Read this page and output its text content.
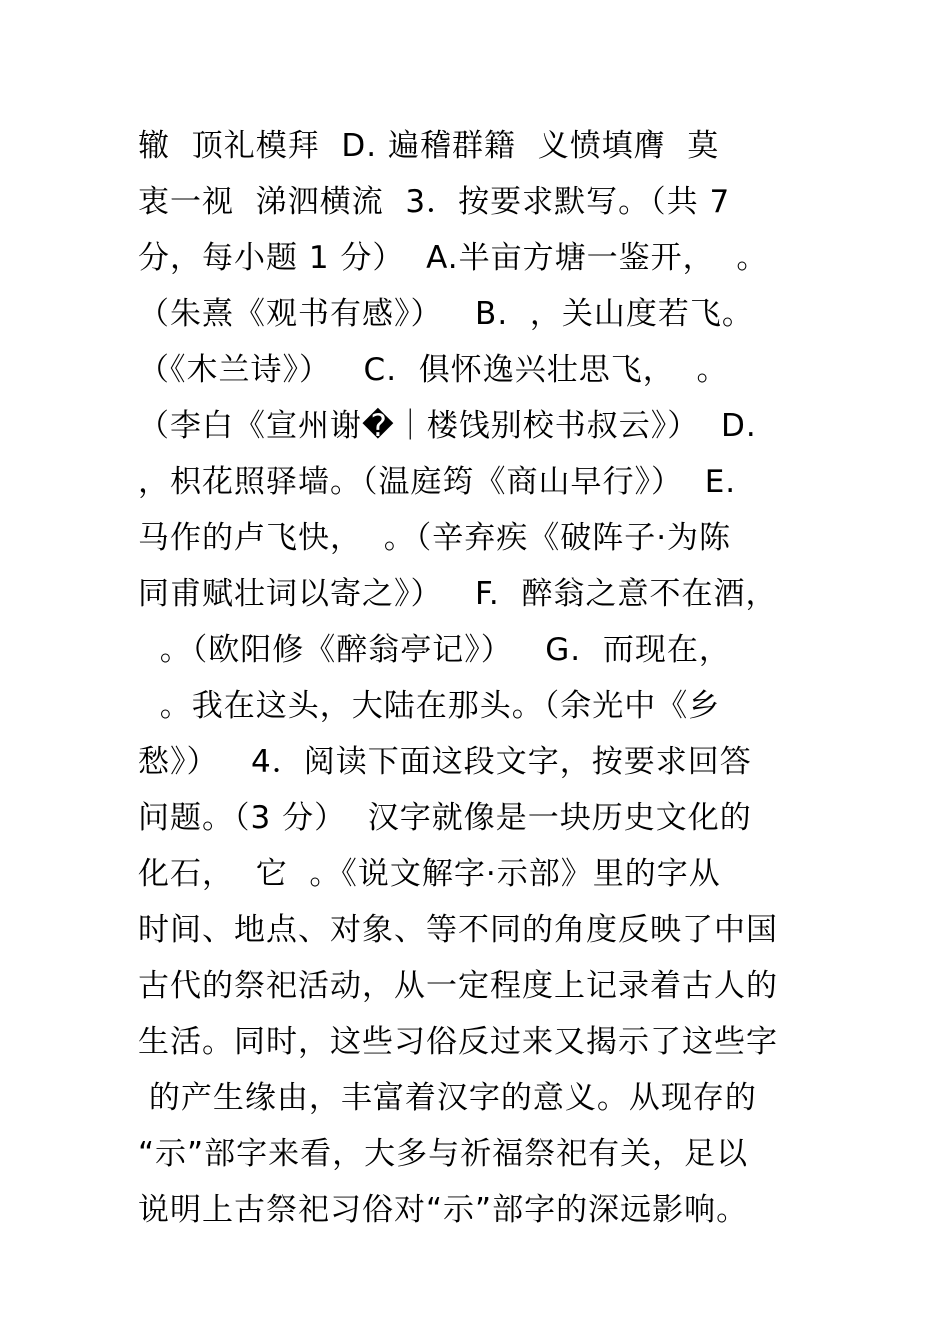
辙  顶礼模拜  D. 遍稽群籍  义愤填膺  莫
衷一视  涕泗横流  3．按要求默写。（共 7
分，每小题 1 分）  A.半亩方塘一鉴开，  。
（朱熹《观书有感》）   B.  ，关山度若飞。
（《木兰诗》）   C.  俱怀逸兴壮思飞，  。
（李白《宣州谢�｜楼饯别校书叔云》）  D.
，枳花照驿墙。（温庭筠《商山早行》）  E.
马作的卢飞快，  。（辛弃疾《破阵子·为陈
同甫赋壮词以寄之》）   F.  醉翁之意不在酒，
。（欧阳修《醉翁亭记》）   G.  而现在，
。我在这头，大陆在那头。（余光中《乡
愁》）   4．阅读下面这段文字，按要求回答
问题。（3 分）  汉字就像是一块历史文化的
化石，  它  。《说文解字·示部》里的字从
时间、地点、对象、等不同的角度反映了中国
古代的祭祀活动，从一定程度上记录着古人的
生活。同时，这些习俗反过来又揭示了这些字
的产生缘由，丰富着汉字的意义。从现存的
“示”部字来看，大多与祈福祭祀有关，足以
说明上古祭祀习俗对“示”部字的深远影响。
